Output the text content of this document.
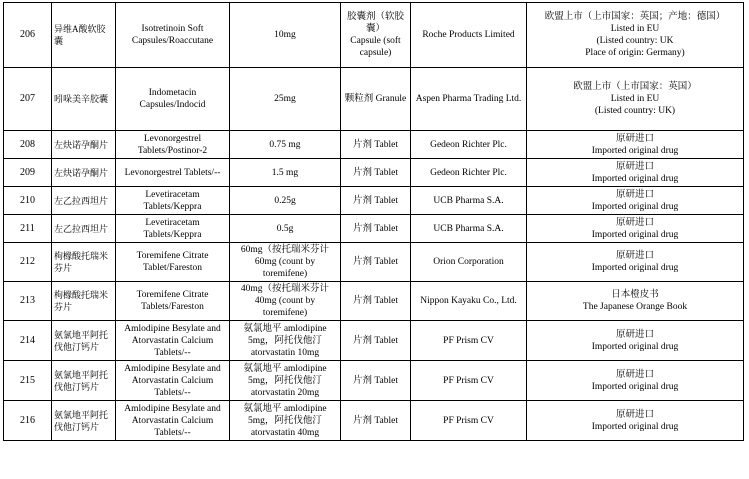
206	异维A酸软胶囊	Isotretinoin Soft Capsules/Roaccutane	10mg	胶囊剂（软胶囊）
Capsule (soft capsule)	Roche Products Limited	欧盟上市（上市国家：英国；产地：德国）
Listed in EU
(Listed country: UK
Place of origin: Germany)
207	吲哚美辛胶囊	Indometacin Capsules/Indocid	25mg	颗粒剂 Granule	Aspen Pharma Trading Ltd.	欧盟上市（上市国家：英国）
Listed in EU
(Listed country: UK)
208	左炔诺孕酮片	Levonorgestrel Tablets/Postinor-2	0.75 mg	片剂 Tablet	Gedeon Richter Plc.	原研进口
Imported original drug
209	左炔诺孕酮片	Levonorgestrel Tablets/--	1.5 mg	片剂 Tablet	Gedeon Richter Plc.	原研进口
Imported original drug
210	左乙拉西坦片	Levetiracetam Tablets/Keppra	0.25g	片剂 Tablet	UCB Pharma S.A.	原研进口
Imported original drug
211	左乙拉西坦片	Levetiracetam Tablets/Keppra	0.5g	片剂 Tablet	UCB Pharma S.A.	原研进口
Imported original drug
212	枸橼酸托瑞米芬片	Toremifene Citrate Tablet/Fareston	60mg（按托瑞米芬计
60mg (count by toremifene)	片剂 Tablet	Orion Corporation	原研进口
Imported original drug
213	枸橼酸托瑞米芬片	Toremifene Citrate Tablets/Fareston	40mg（按托瑞米芬计
40mg (count by toremifene)	片剂 Tablet	Nippon Kayaku Co., Ltd.	日本橙皮书
The Japanese Orange Book
214	氨氯地平阿托伐他汀钙片	Amlodipine Besylate and Atorvastatin Calcium Tablets/--	氨氯地平 amlodipine 5mg，阿托伐他汀 atorvastatin 10mg	片剂 Tablet	PF Prism CV	原研进口
Imported original drug
215	氨氯地平阿托伐他汀钙片	Amlodipine Besylate and Atorvastatin Calcium Tablets/--	氨氯地平 amlodipine 5mg，阿托伐他汀 atorvastatin 20mg	片剂 Tablet	PF Prism CV	原研进口
Imported original drug
216	氨氯地平阿托伐他汀钙片	Amlodipine Besylate and Atorvastatin Calcium Tablets/--	氨氯地平 amlodipine 5mg，阿托伐他汀 atorvastatin 40mg	片剂 Tablet	PF Prism CV	原研进口
Imported original drug
